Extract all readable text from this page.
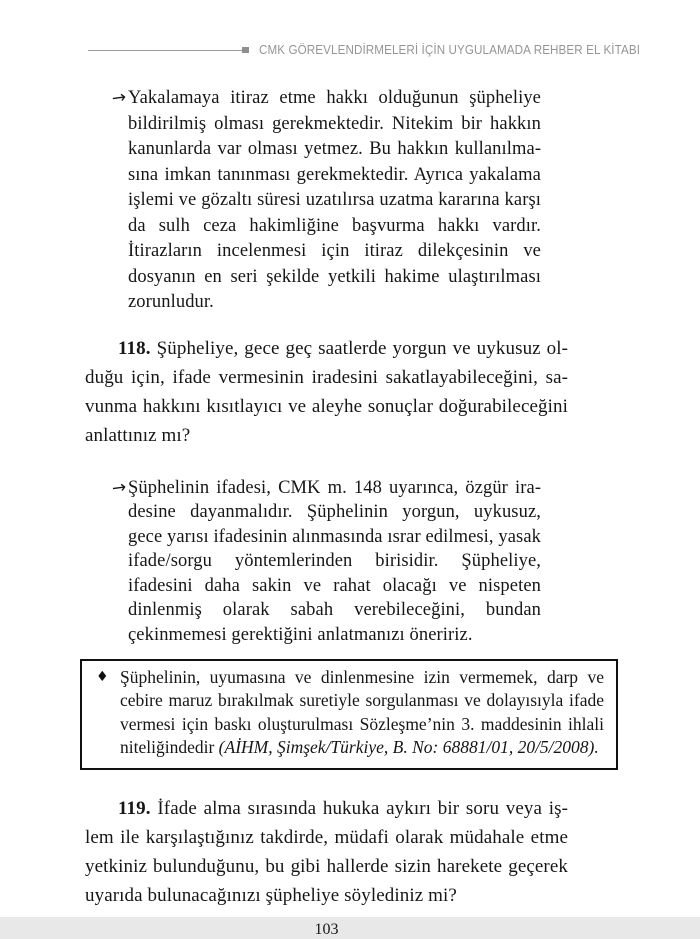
CMK GÖREVLENDİRMELERİ İÇİN UYGULAMADA REHBER EL KİTABI
→ Yakalamaya itiraz etme hakkı olduğunun şüpheliye bildirilmiş olması gerekmektedir. Nitekim bir hakkın kanunlarda var olması yetmez. Bu hakkın kullanılmasına imkan tanınması gerekmektedir. Ayrıca yakalama işlemi ve gözaltı süresi uzatılırsa uzatma kararına karşı da sulh ceza hakimliğine başvurma hakkı vardır. İtirazların incelenmesi için itiraz dilekçesinin ve dosyanın en seri şekilde yetkili hakime ulaştırılması zorunludur.

118. Şüpheliye, gece geç saatlerde yorgun ve uykusuz olduğu için, ifade vermesinin iradesini sakatlayabileceğini, savunma hakkını kısıtlayıcı ve aleyhe sonuçlar doğurabileceğini anlattınız mı?

→ Şüphelinin ifadesi, CMK m. 148 uyarınca, özgür iradesine dayanmalıdır. Şüphelinin yorgun, uykusuz, gece yarısı ifadesinin alınmasında ısrar edilmesi, yasak ifade/sorgu yöntemlerinden birisidir. Şüpheliye, ifadesini daha sakin ve rahat olacağı ve nispeten dinlenmiş olarak sabah verebileceğini, bundan çekinmemesi gerektiğini anlatmanızı öneririz.

♦ Şüphelinin, uyumasına ve dinlenmesine izin vermemek, darp ve cebire maruz bırakılmak suretiyle sorgulanması ve dolayısıyla ifade vermesi için baskı oluşturulması Sözleşme’nin 3. maddesinin ihlali niteliğindedir (AİHM, Şimşek/Türkiye, B. No: 68881/01, 20/5/2008).

119. İfade alma sırasında hukuka aykırı bir soru veya işlem ile karşılaştığınız takdirde, müdafi olarak müdahale etme yetkiniz bulunduğunu, bu gibi hallerde sizin harekete geçerek uyarıda bulunacağınızı şüpheliye söylediniz mi?

103
